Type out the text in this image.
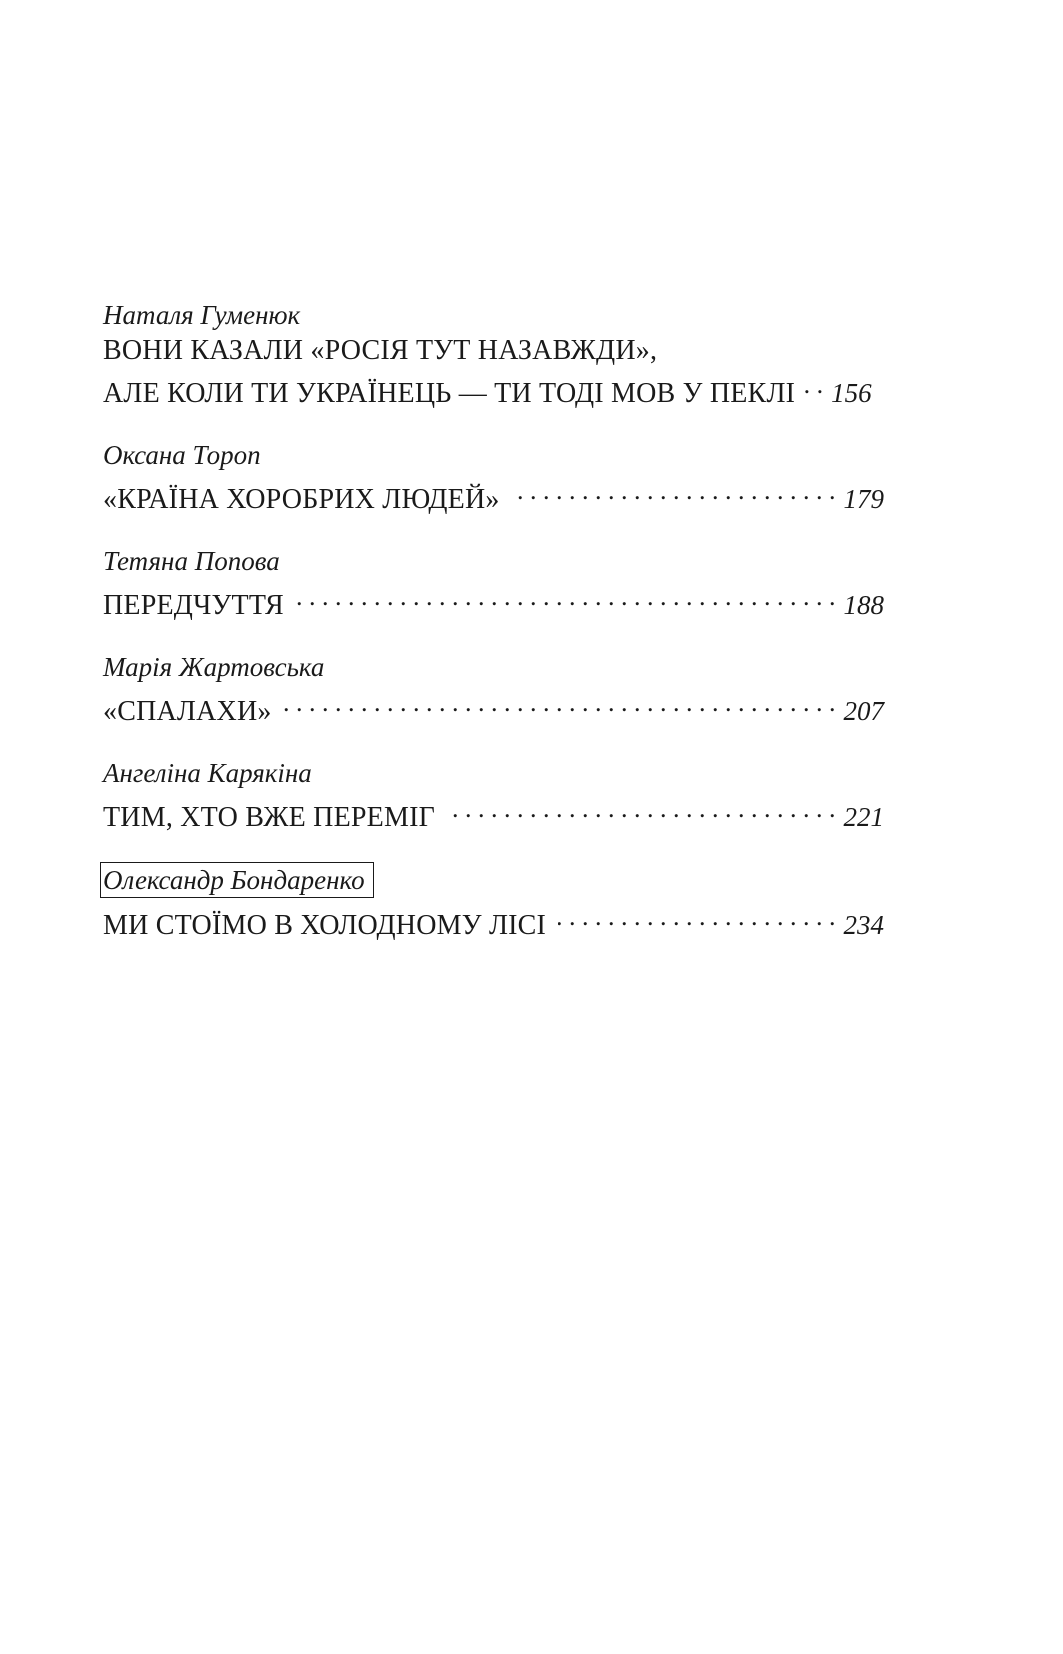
Наталя Гуменюк
ВОНИ КАЗАЛИ «РОСІЯ ТУТ НАЗАВЖДИ»,
АЛЕ КОЛИ ТИ УКРАЇНЕЦЬ — ТИ ТОДІ МОВ У ПЕКЛІ . . . 156
Оксана Тороп
«КРАЇНА ХОРОБРИХ ЛЮДЕЙ» . . .	179
Тетяна Попова
ПЕРЕДЧУТТЯ . . .	188
Марія Жартовська
«СПАЛАХИ» . . .	207
Ангеліна Карякіна
ТИМ, ХТО ВЖЕ ПЕРЕМІГ . . .	221
Олександр Бондаренко
МИ СТОЇМО В ХОЛОДНОМУ ЛІСІ . . .	234
